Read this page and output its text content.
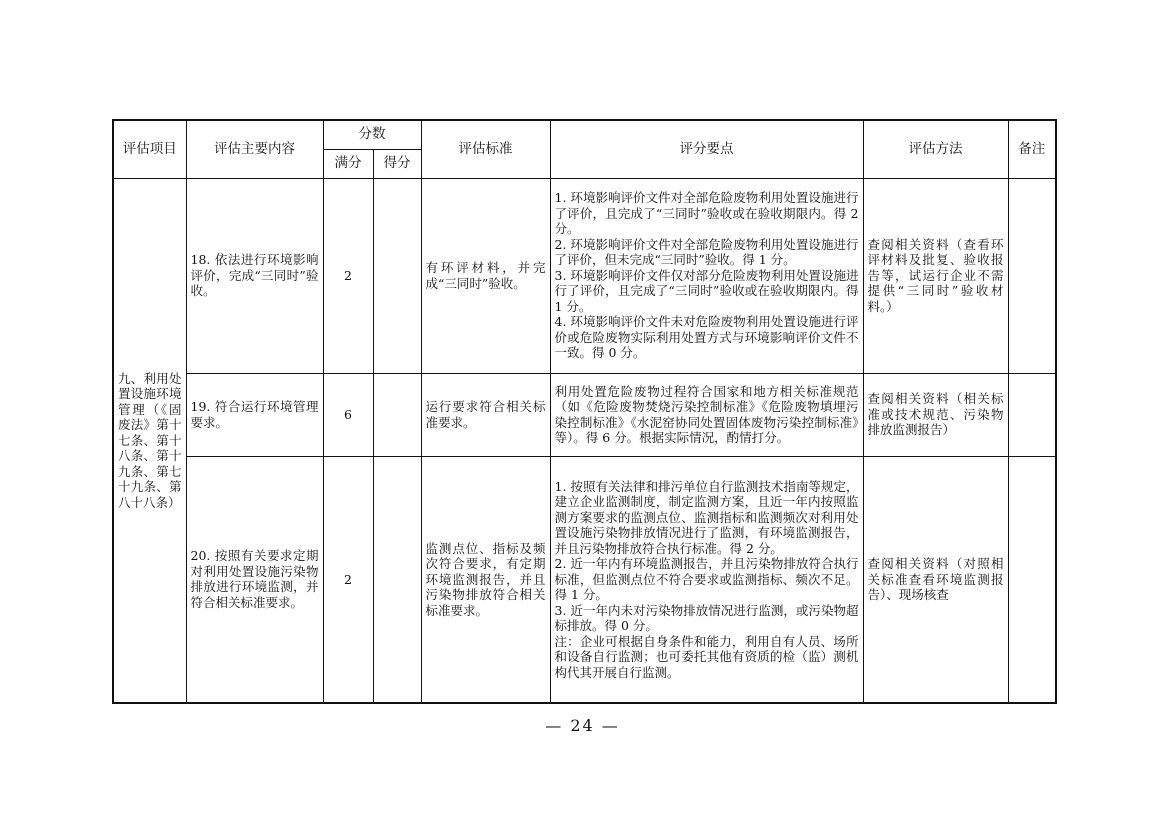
评估项目	评估主要内容	分数		评估标准	评分要点	评估方法	备注
		满分	得分				
九、利用处置设施环境管理（《固废法》第十七条、第十八条、第十九条、第七十九条、第八十八条）	18. 依法进行环境影响评价，完成“三同时”验收。	2		有环评材料，并完成“三同时”验收。	1. 环境影响评价文件对全部危险废物利用处置设施进行了评价，且完成了“三同时”验收或在验收期限内。得 2 分。

2. 环境影响评价文件对全部危险废物利用处置设施进行了评价，但未完成“三同时”验收。得 1 分。

3. 环境影响评价文件仅对部分危险废物利用处置设施进行了评价，且完成了“三同时”验收或在验收期限内。得 1 分。

4. 环境影响评价文件未对危险废物利用处置设施进行评价或危险废物实际利用处置方式与环境影响评价文件不一致。得 0 分。	查阅相关资料（查看环评材料及批复、验收报告等，试运行企业不需提供“三同时”验收材料。）	
	19. 符合运行环境管理要求。	6		运行要求符合相关标准要求。	利用处置危险废物过程符合国家和地方相关标准规范（如《危险废物焚烧污染控制标准》《危险废物填埋污染控制标准》《水泥窑协同处置固体废物污染控制标准》等）。得 6 分。根据实际情况，酌情打分。	查阅相关资料（相关标准或技术规范、污染物排放监测报告）	
	20. 按照有关要求定期对利用处置设施污染物排放进行环境监测，并符合相关标准要求。	2		监测点位、指标及频次符合要求，有定期环境监测报告，并且污染物排放符合相关标准要求。	1. 按照有关法律和排污单位自行监测技术指南等规定，建立企业监测制度，制定监测方案，且近一年内按照监测方案要求的监测点位、监测指标和监测频次对利用处置设施污染物排放情况进行了监测，有环境监测报告，并且污染物排放符合执行标准。得 2 分。

2. 近一年内有环境监测报告，并且污染物排放符合执行标准，但监测点位不符合要求或监测指标、频次不足。得 1 分。

3. 近一年内未对污染物排放情况进行监测，或污染物超标排放。得 0 分。

注：企业可根据自身条件和能力，利用自有人员、场所和设备自行监测；也可委托其他有资质的检（监）测机构代其开展自行监测。	查阅相关资料（对照相关标准查看环境监测报告）、现场核查	
— 24 —
